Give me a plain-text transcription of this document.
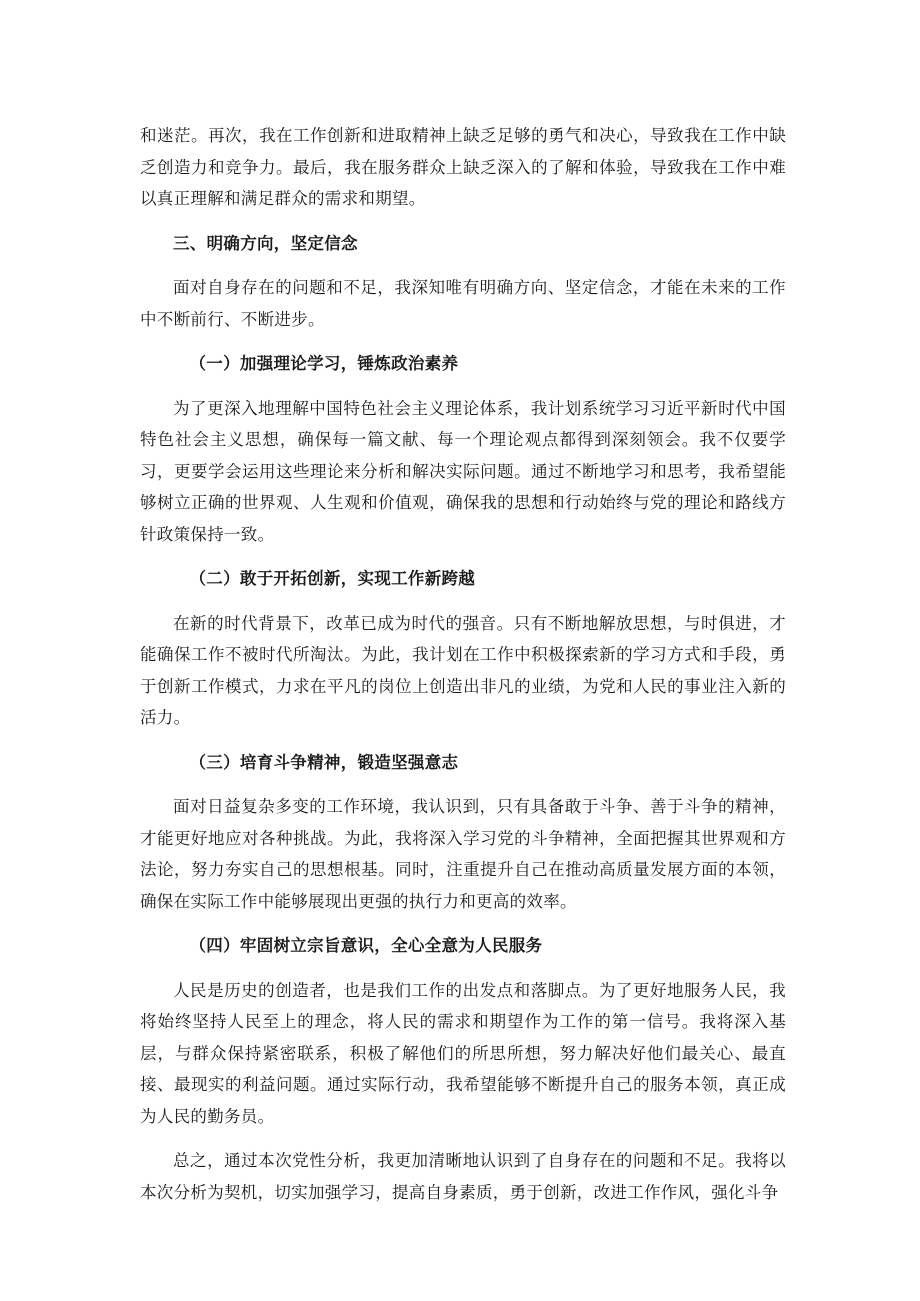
和迷茫。再次，我在工作创新和进取精神上缺乏足够的勇气和决心，导致我在工作中缺乏创造力和竞争力。最后，我在服务群众上缺乏深入的了解和体验，导致我在工作中难以真正理解和满足群众的需求和期望。

三、明确方向，坚定信念

面对自身存在的问题和不足，我深知唯有明确方向、坚定信念，才能在未来的工作中不断前行、不断进步。

（一）加强理论学习，锤炼政治素养

为了更深入地理解中国特色社会主义理论体系，我计划系统学习习近平新时代中国特色社会主义思想，确保每一篇文献、每一个理论观点都得到深刻领会。我不仅要学习，更要学会运用这些理论来分析和解决实际问题。通过不断地学习和思考，我希望能够树立正确的世界观、人生观和价值观，确保我的思想和行动始终与党的理论和路线方针政策保持一致。

（二）敢于开拓创新，实现工作新跨越

在新的时代背景下，改革已成为时代的强音。只有不断地解放思想，与时俱进，才能确保工作不被时代所淘汰。为此，我计划在工作中积极探索新的学习方式和手段，勇于创新工作模式，力求在平凡的岗位上创造出非凡的业绩，为党和人民的事业注入新的活力。

（三）培育斗争精神，锻造坚强意志

面对日益复杂多变的工作环境，我认识到，只有具备敢于斗争、善于斗争的精神，才能更好地应对各种挑战。为此，我将深入学习党的斗争精神，全面把握其世界观和方法论，努力夯实自己的思想根基。同时，注重提升自己在推动高质量发展方面的本领，确保在实际工作中能够展现出更强的执行力和更高的效率。

（四）牢固树立宗旨意识，全心全意为人民服务

人民是历史的创造者，也是我们工作的出发点和落脚点。为了更好地服务人民，我将始终坚持人民至上的理念，将人民的需求和期望作为工作的第一信号。我将深入基层，与群众保持紧密联系，积极了解他们的所思所想，努力解决好他们最关心、最直接、最现实的利益问题。通过实际行动，我希望能够不断提升自己的服务本领，真正成为人民的勤务员。

总之，通过本次党性分析，我更加清晰地认识到了自身存在的问题和不足。我将以本次分析为契机，切实加强学习，提高自身素质，勇于创新，改进工作作风，强化斗争
